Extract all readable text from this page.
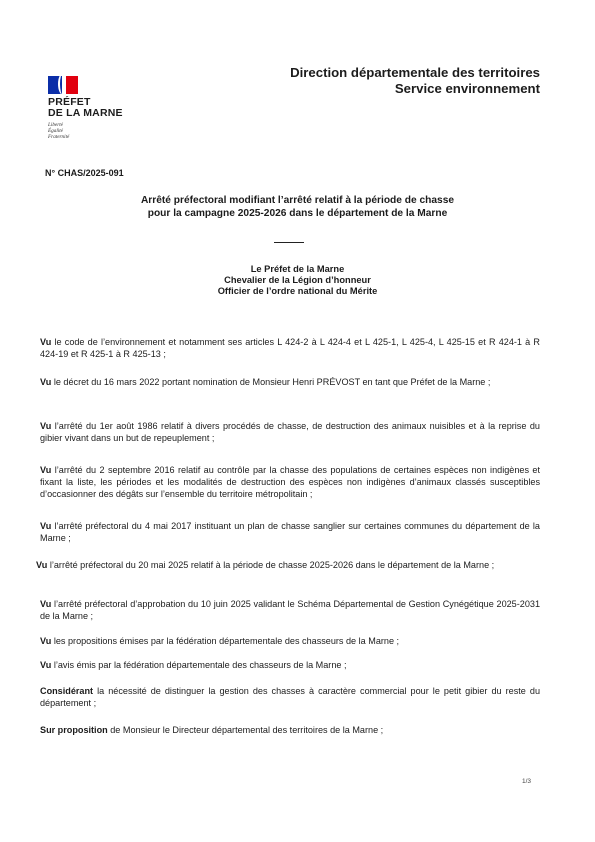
PRÉFET
DE LA MARNE
Liberté
Égalité
Fraternité
Direction départementale des territoires
Service environnement
N° CHAS/2025-091
Arrêté préfectoral modifiant l’arrêté relatif à la période de chasse
pour la campagne 2025-2026 dans le département de la Marne
Le Préfet de la Marne
Chevalier de la Légion d’honneur
Officier de l’ordre national du Mérite
Vu le code de l’environnement et notamment ses articles L 424-2 à L 424-4 et L 425-1, L 425-4, L 425-15 et R 424-1 à R 424-19 et R 425-1 à R 425-13 ;
Vu le décret du 16 mars 2022 portant nomination de Monsieur Henri PRÉVOST en tant que Préfet de la Marne ;
Vu l’arrêté du 1er août 1986 relatif à divers procédés de chasse, de destruction des animaux nuisibles et à la reprise du gibier vivant dans un but de repeuplement ;
Vu l’arrêté du 2 septembre 2016 relatif au contrôle par la chasse des populations de certaines espèces non indigènes et fixant la liste, les périodes et les modalités de destruction des espèces non indigènes d’animaux classés susceptibles d’occasionner des dégâts sur l’ensemble du territoire métropolitain ;
Vu l’arrêté préfectoral du 4 mai 2017 instituant un plan de chasse sanglier sur certaines communes du département de la Marne ;
Vu l’arrêté préfectoral du 20 mai 2025 relatif à la période de chasse 2025-2026 dans le département de la Marne ;
Vu l’arrêté préfectoral d’approbation du 10 juin 2025 validant le Schéma Départemental de Gestion Cynégétique 2025-2031 de la Marne ;
Vu les propositions émises par la fédération départementale des chasseurs de la Marne ;
Vu l’avis émis par la fédération départementale des chasseurs de la Marne ;
Considérant la nécessité de distinguer la gestion des chasses à caractère commercial pour le petit gibier du reste du département ;
Sur proposition de Monsieur le Directeur départemental des territoires de la Marne ;
1/3
